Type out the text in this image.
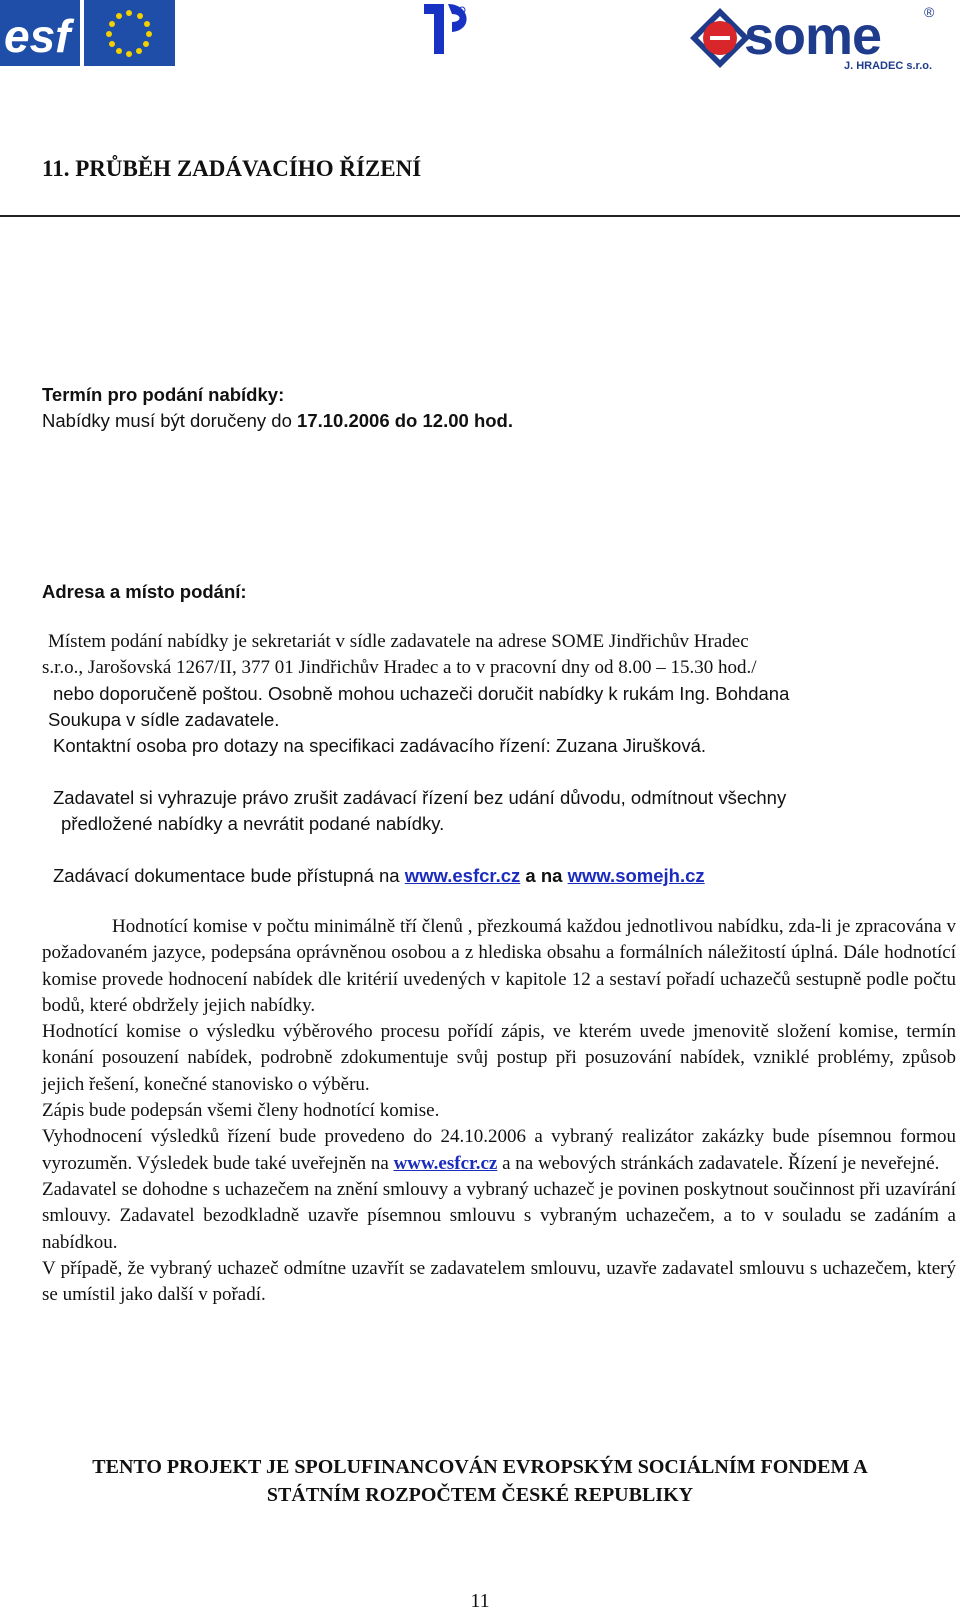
esf	some	®
J. HRADEC s.r.o.
11. PRŮBĚH ZADÁVACÍHO ŘÍZENÍ
Termín pro podání nabídky:
Nabídky musí být doručeny do 17.10.2006 do 12.00 hod.
Adresa a místo podání:
Místem podání nabídky je sekretariát v sídle zadavatele na adrese SOME Jindřichův Hradec
s.r.o., Jarošovská 1267/II, 377 01 Jindřichův Hradec a to v pracovní dny od 8.00 – 15.30 hod./
nebo doporučeně poštou. Osobně mohou uchazeči doručit nabídky k rukám Ing. Bohdana
Soukupa v sídle zadavatele.
Kontaktní osoba pro dotazy na specifikaci zadávacího řízení: Zuzana Jirušková.
Zadavatel si vyhrazuje právo zrušit zadávací řízení bez udání důvodu, odmítnout všechny
předložené nabídky a nevrátit podané nabídky.
Zadávací dokumentace bude přístupná na www.esfcr.cz a na www.somejh.cz

Hodnotící komise v počtu minimálně tří členů , přezkoumá každou jednotlivou nabídku, zda-li je zpracována v požadovaném jazyce, podepsána oprávněnou osobou a z hlediska obsahu a formálních náležitostí úplná. Dále hodnotící komise provede hodnocení nabídek dle kritérií uvedených v kapitole 12 a sestaví pořadí uchazečů sestupně podle počtu bodů, které obdržely jejich nabídky.

Hodnotící komise o výsledku výběrového procesu pořídí zápis, ve kterém uvede jmenovitě složení komise, termín konání posouzení nabídek, podrobně zdokumentuje svůj postup při posuzování nabídek, vzniklé problémy, způsob jejich řešení, konečné stanovisko o výběru.

Zápis bude podepsán všemi členy hodnotící komise.

Vyhodnocení výsledků řízení bude provedeno do 24.10.2006 a vybraný realizátor zakázky bude písemnou formou vyrozuměn. Výsledek bude také uveřejněn na www.esfcr.cz a na webových stránkách zadavatele. Řízení je neveřejné.

Zadavatel se dohodne s uchazečem na znění smlouvy a vybraný uchazeč je povinen poskytnout součinnost při uzavírání smlouvy. Zadavatel bezodkladně uzavře písemnou smlouvu s vybraným uchazečem, a to v souladu se zadáním a nabídkou.

V případě, že vybraný uchazeč odmítne uzavřít se zadavatelem smlouvu, uzavře zadavatel smlouvu s uchazečem, který se umístil jako další v pořadí.

TENTO PROJEKT JE SPOLUFINANCOVÁN EVROPSKÝM SOCIÁLNÍM FONDEM A
STÁTNÍM ROZPOČTEM ČESKÉ REPUBLIKY
11
